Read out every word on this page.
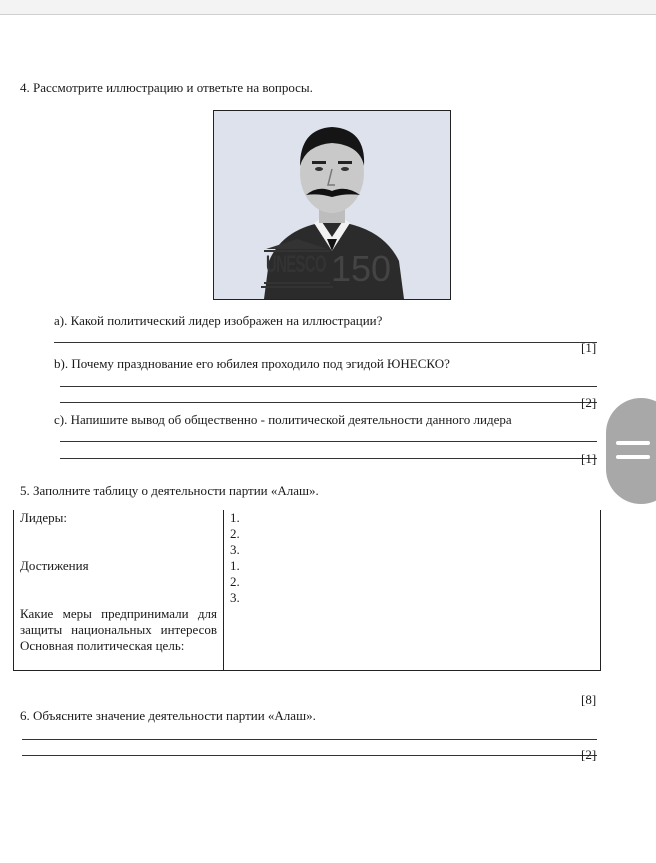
4. Рассмотрите иллюстрацию и ответьте на вопросы.
UNESCO 150
а). Какой политический лидер изображен на иллюстрации?
[1]
b). Почему празднование его юбилея проходило под эгидой ЮНЕСКО?
[2]
c). Напишите вывод об общественно - политической деятельности данного лидера
[1]
5. Заполните таблицу о деятельности партии «Алаш».
Лидеры:	1.
	2.
	3.
Достижения	1.
	2.
	3.

Какие меры предпринимали для защиты национальных интересов	

Основная политическая цель:	
[8]
6. Объясните значение деятельности партии «Алаш».
[2]
